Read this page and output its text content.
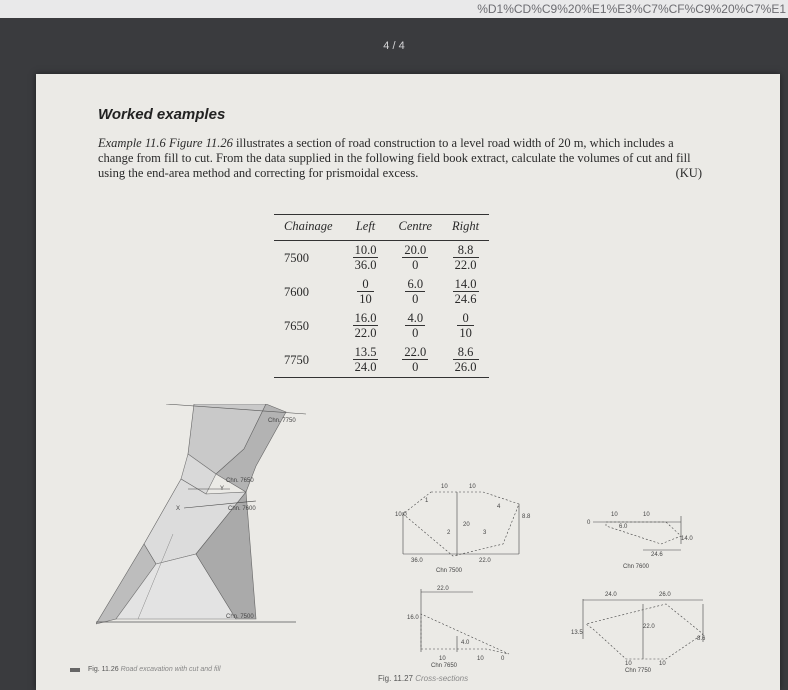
%D1%CD%C9%20%E1%E3%C7%CF%C9%20%C7%E1
4 / 4
Worked examples
Example 11.6 Figure 11.26 illustrates a section of road construction to a level road width of 20 m, which includes a change from fill to cut. From the data supplied in the following field book extract, calculate the volumes of cut and fill using the end-area method and correcting for prismoidal excess.	(KU)
Chainage	Left	Centre	Right
7500	$\frac{10.0}{36.0}$	$\frac{20.0}{0}$	$\frac{8.8}{22.0}$

7600	$\frac{0}{10}$	$\frac{6.0}{0}$	$\frac{14.0}{24.6}$

7650	$\frac{16.0}{22.0}$	$\frac{4.0}{0}$	$\frac{0}{10}$

7750	$\frac{13.5}{24.0}$	$\frac{22.0}{0}$	$\frac{8.6}{26.0}$
Chn. 7750
Chn. 7650
Chn. 7600
Chn. 7500
X
Y
Fig. 11.26 Road excavation with cut and fill
10	10
10.0	8.8
20
2	3
4
1
36.0	22.0
Chn 7500
10	10
0
6.0
14.0
24.6
Chn 7600
22.0
16.0
4.0
10	10	0
Chn 7650
24.0	26.0
13.5
22.0
8.6
10	10
Chn 7750
Fig. 11.27 Cross-sections
